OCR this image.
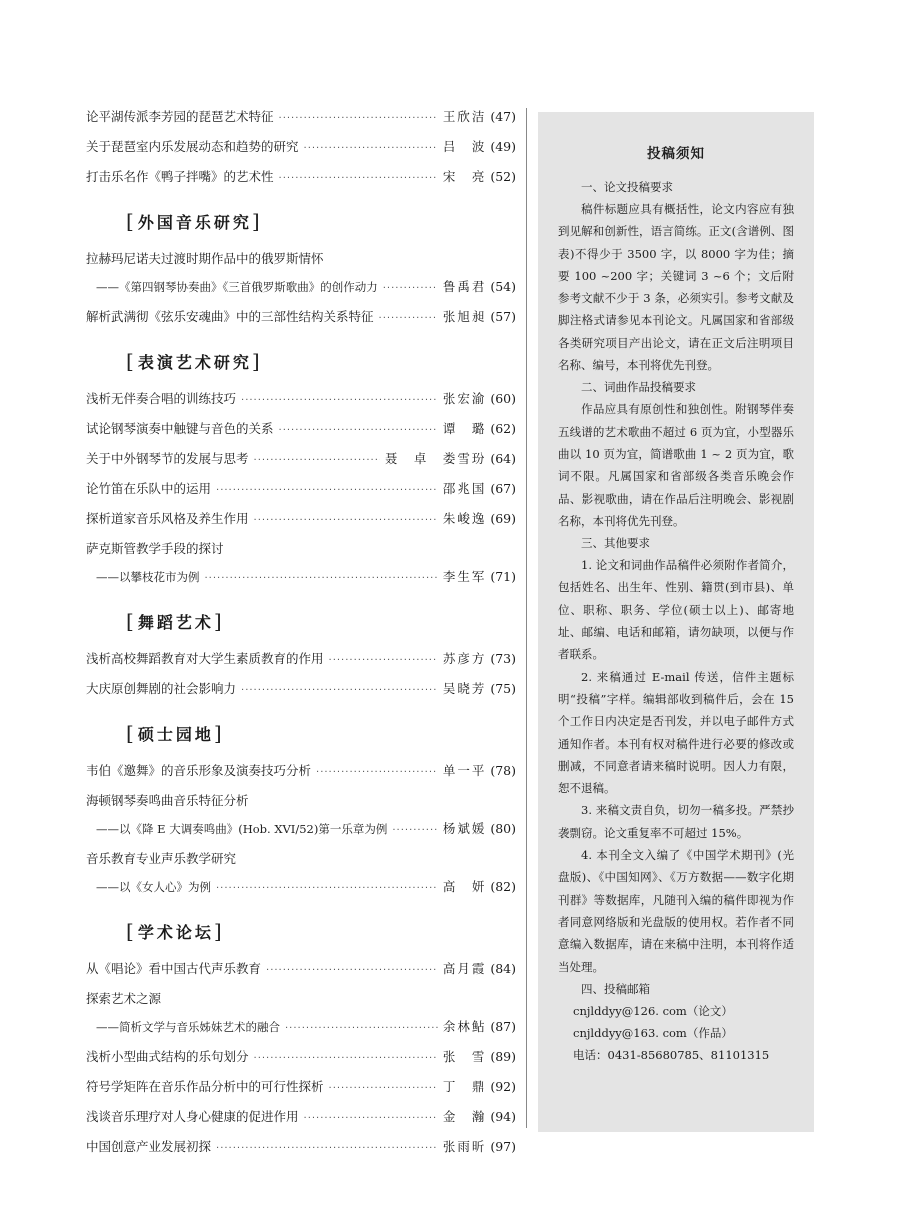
论平湖传派李芳园的琵琶艺术特征 ·····	王欣洁 (47)
关于琵琶室内乐发展动态和趋势的研究 ·····	吕　波 (49)
打击乐名作《鸭子拌嘴》的艺术性 ·····	宋　亮 (52)
[ 外国音乐研究]
拉赫玛尼诺夫过渡时期作品中的俄罗斯情怀
——《第四钢琴协奏曲》《三首俄罗斯歌曲》的创作动力 ·····	鲁禹君 (54)
解析武满彻《弦乐安魂曲》中的三部性结构关系特征 ·····	张旭昶 (57)
[ 表演艺术研究]
浅析无伴奏合唱的训练技巧 ·····	张宏渝 (60)
试论钢琴演奏中触键与音色的关系 ·····	谭　璐 (62)
关于中外钢琴节的发展与思考 ·····	聂　卓　娄雪玢 (64)
论竹笛在乐队中的运用 ·····	邵兆国 (67)
探析道家音乐风格及养生作用 ·····	朱峻逸 (69)
萨克斯管教学手段的探讨
——以攀枝花市为例 ·····	李生军 (71)
[ 舞蹈艺术]
浅析高校舞蹈教育对大学生素质教育的作用 ·····	苏彦方 (73)
大庆原创舞剧的社会影响力 ·····	吴晓芳 (75)
[ 硕士园地]
韦伯《邀舞》的音乐形象及演奏技巧分析 ·····	单一平 (78)
海顿钢琴奏鸣曲音乐特征分析
——以《降 E 大调奏鸣曲》(Hob. XVI/52)第一乐章为例 ·····	杨斌媛 (80)
音乐教育专业声乐教学研究
——以《女人心》为例 ·····	高　妍 (82)
[ 学术论坛]
从《唱论》看中国古代声乐教育 ·····	高月霞 (84)
探索艺术之源
——简析文学与音乐姊妹艺术的融合 ·····	余林鲇 (87)
浅析小型曲式结构的乐句划分 ·····	张　雪 (89)
符号学矩阵在音乐作品分析中的可行性探析 ·····	丁　鼎 (92)
浅谈音乐理疗对人身心健康的促进作用 ·····	金　瀚 (94)
中国创意产业发展初探 ·····	张雨昕 (97)
投稿须知
一、论文投稿要求
稿件标题应具有概括性，论文内容应有独到见解和创新性，语言简练。正文(含谱例、图表)不得少于 3500 字，以 8000 字为佳；摘要 100 ~200 字；关键词 3 ~6 个；文后附参考文献不少于 3 条，必须实引。参考文献及脚注格式请参见本刊论文。凡属国家和省部级各类研究项目产出论文，请在正文后注明项目名称、编号，本刊将优先刊登。
二、词曲作品投稿要求
作品应具有原创性和独创性。附钢琴伴奏五线谱的艺术歌曲不超过 6 页为宜，小型器乐曲以 10 页为宜，简谱歌曲 1 ~ 2 页为宜，歌词不限。凡属国家和省部级各类音乐晚会作品、影视歌曲，请在作品后注明晚会、影视剧名称，本刊将优先刊登。
三、其他要求
1. 论文和词曲作品稿件必须附作者简介，包括姓名、出生年、性别、籍贯(到市县)、单位、职称、职务、学位(硕士以上)、邮寄地址、邮编、电话和邮箱，请勿缺项，以便与作者联系。
2. 来稿通过 E-mail 传送，信件主题标明“投稿”字样。编辑部收到稿件后，会在 15 个工作日内决定是否刊发，并以电子邮件方式通知作者。本刊有权对稿件进行必要的修改或删减，不同意者请来稿时说明。因人力有限，恕不退稿。
3. 来稿文责自负，切勿一稿多投。严禁抄袭剽窃。论文重复率不可超过 15%。
4. 本刊全文入编了《中国学术期刊》(光盘版)、《中国知网》、《万方数据——数字化期刊群》等数据库，凡随刊入编的稿件即视为作者同意网络版和光盘版的使用权。若作者不同意编入数据库，请在来稿中注明，本刊将作适当处理。
四、投稿邮箱
cnjlddyy@126. com（论文）
cnjlddyy@163. com（作品）
电话：0431-85680785、81101315
